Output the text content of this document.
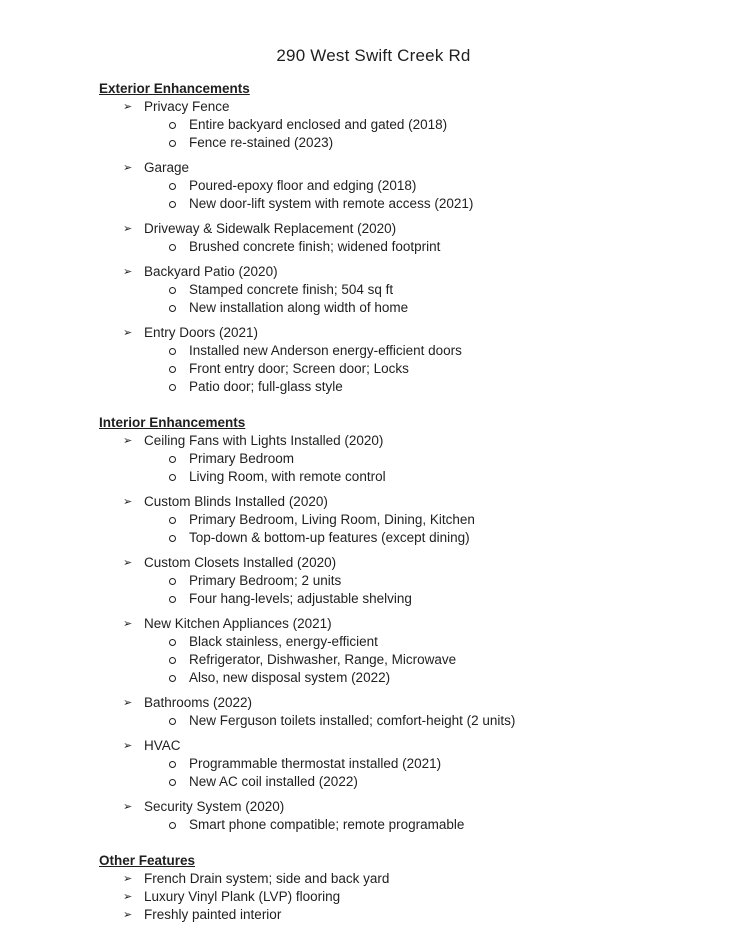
290 West Swift Creek Rd
Exterior Enhancements
➢ Privacy Fence
Entire backyard enclosed and gated (2018)
Fence re-stained (2023)
➢ Garage
Poured-epoxy floor and edging (2018)
New door-lift system with remote access (2021)
➢ Driveway & Sidewalk Replacement (2020)
Brushed concrete finish; widened footprint
➢ Backyard Patio (2020)
Stamped concrete finish; 504 sq ft
New installation along width of home
➢ Entry Doors (2021)
Installed new Anderson energy-efficient doors
Front entry door; Screen door; Locks
Patio door; full-glass style
Interior Enhancements
➢ Ceiling Fans with Lights Installed (2020)
Primary Bedroom
Living Room, with remote control
➢ Custom Blinds Installed (2020)
Primary Bedroom, Living Room, Dining, Kitchen
Top-down & bottom-up features (except dining)
➢ Custom Closets Installed (2020)
Primary Bedroom; 2 units
Four hang-levels; adjustable shelving
➢ New Kitchen Appliances (2021)
Black stainless, energy-efficient
Refrigerator, Dishwasher, Range, Microwave
Also, new disposal system (2022)
➢ Bathrooms (2022)
New Ferguson toilets installed; comfort-height (2 units)
➢ HVAC
Programmable thermostat installed (2021)
New AC coil installed (2022)
➢ Security System (2020)
Smart phone compatible; remote programable
Other Features
➢ French Drain system; side and back yard
➢ Luxury Vinyl Plank (LVP) flooring
➢ Freshly painted interior
